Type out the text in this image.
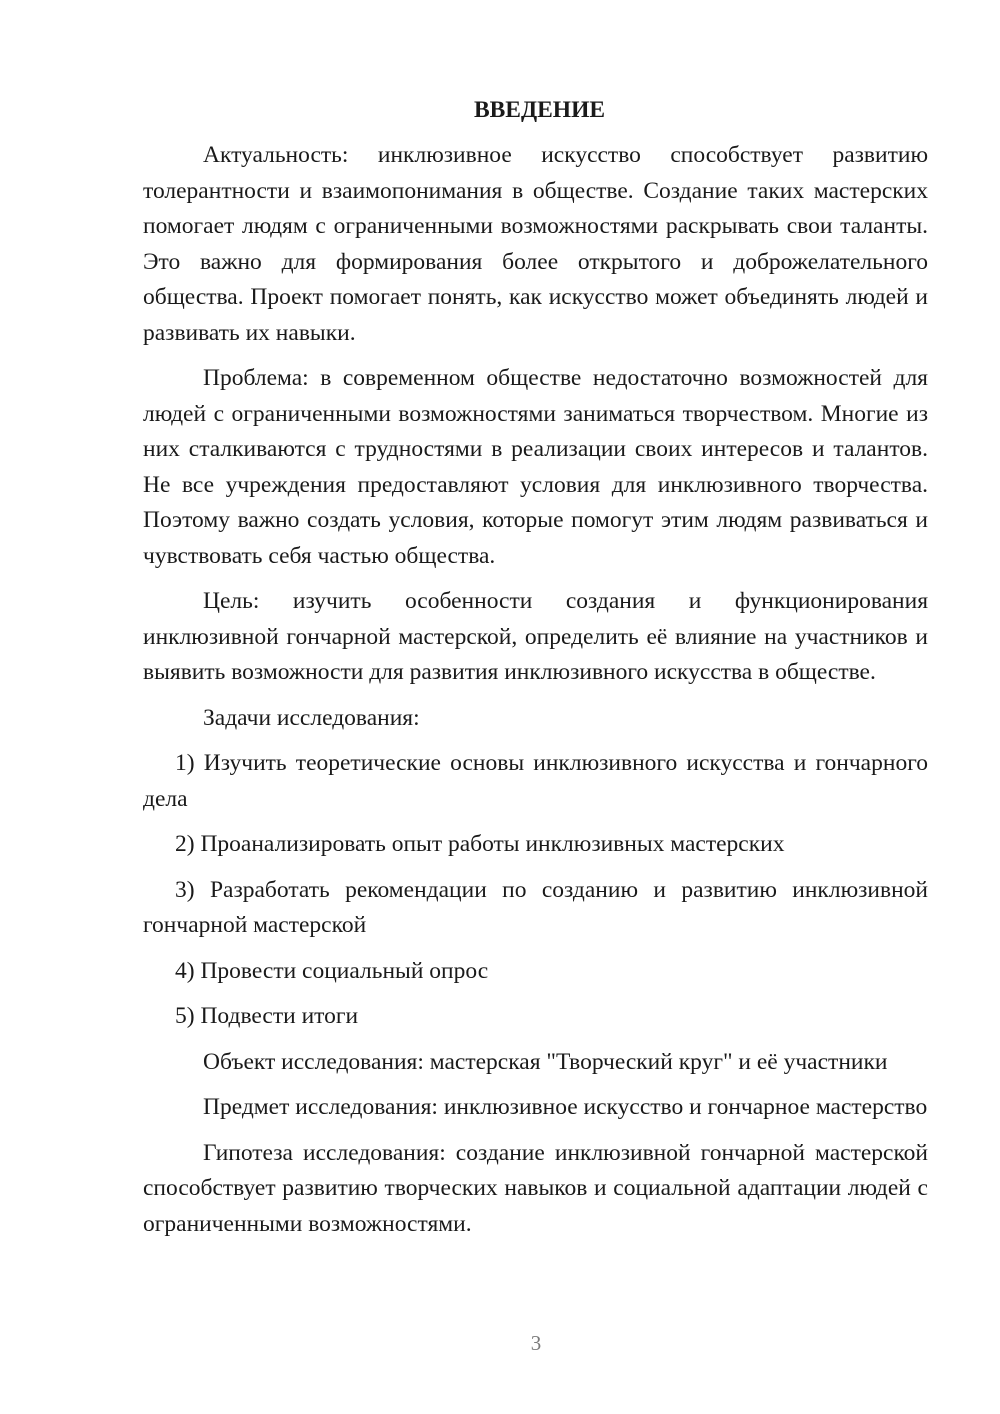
ВВЕДЕНИЕ

Актуальность: инклюзивное искусство способствует развитию толерантности и взаимопонимания в обществе. Создание таких мастерских помогает людям с ограниченными возможностями раскрывать свои таланты. Это важно для формирования более открытого и доброжелательного общества. Проект помогает понять, как искусство может объединять людей и развивать их навыки.

Проблема: в современном обществе недостаточно возможностей для людей с ограниченными возможностями заниматься творчеством. Многие из них сталкиваются с трудностями в реализации своих интересов и талантов. Не все учреждения предоставляют условия для инклюзивного творчества. Поэтому важно создать условия, которые помогут этим людям развиваться и чувствовать себя частью общества.

Цель: изучить особенности создания и функционирования инклюзивной гончарной мастерской, определить её влияние на участников и выявить возможности для развития инклюзивного искусства в обществе.

Задачи исследования:

1) Изучить теоретические основы инклюзивного искусства и гончарного дела

2) Проанализировать опыт работы инклюзивных мастерских

3) Разработать рекомендации по созданию и развитию инклюзивной гончарной мастерской

4) Провести социальный опрос

5) Подвести итоги

Объект исследования: мастерская "Творческий круг" и её участники

Предмет исследования: инклюзивное искусство и гончарное мастерство

Гипотеза исследования: создание инклюзивной гончарной мастерской способствует развитию творческих навыков и социальной адаптации людей с ограниченными возможностями.

3
